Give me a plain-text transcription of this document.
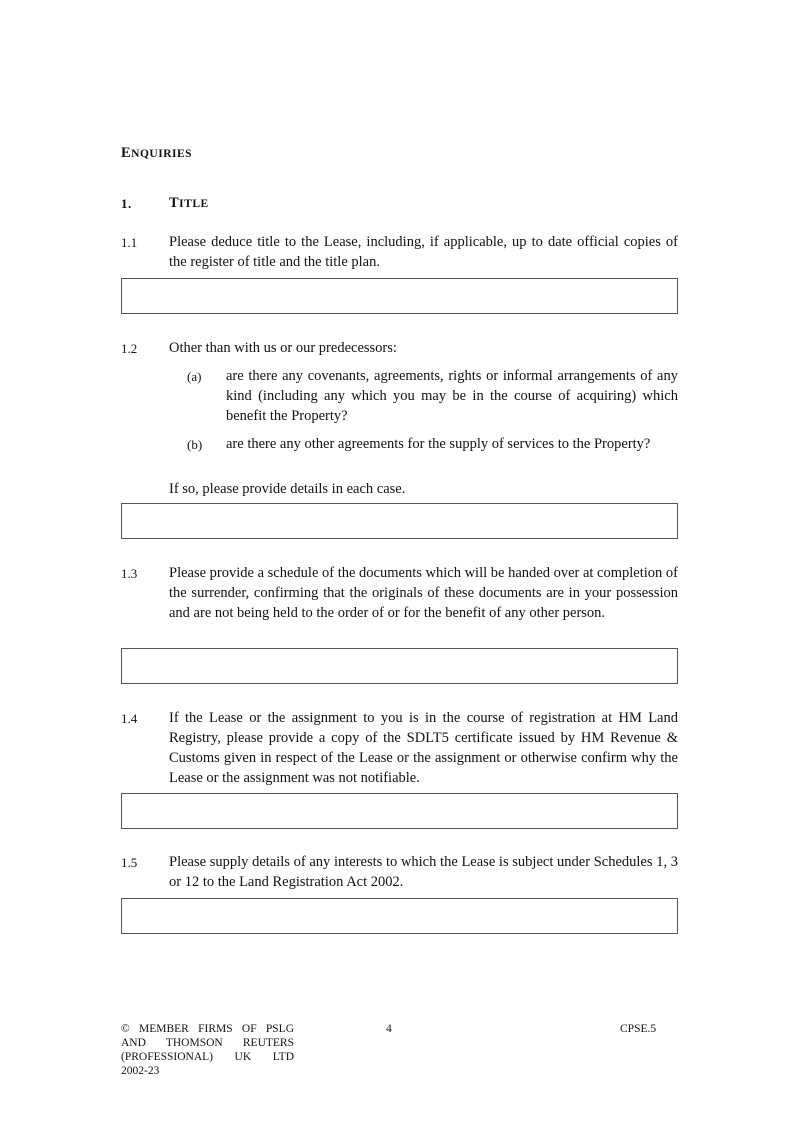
ENQUIRIES
1.	TITLE
1.1 Please deduce title to the Lease, including, if applicable, up to date official copies of the register of title and the title plan.
1.2 Other than with us or our predecessors:
(a) are there any covenants, agreements, rights or informal arrangements of any kind (including any which you may be in the course of acquiring) which benefit the Property?
(b) are there any other agreements for the supply of services to the Property?
If so, please provide details in each case.
1.3 Please provide a schedule of the documents which will be handed over at completion of the surrender, confirming that the originals of these documents are in your possession and are not being held to the order of or for the benefit of any other person.
1.4 If the Lease or the assignment to you is in the course of registration at HM Land Registry, please provide a copy of the SDLT5 certificate issued by HM Revenue & Customs given in respect of the Lease or the assignment or otherwise confirm why the Lease or the assignment was not notifiable.
1.5 Please supply details of any interests to which the Lease is subject under Schedules 1, 3 or 12 to the Land Registration Act 2002.
© MEMBER FIRMS OF PSLG
AND THOMSON REUTERS
(PROFESSIONAL) UK LTD
2002-23
4	CPSE.5
